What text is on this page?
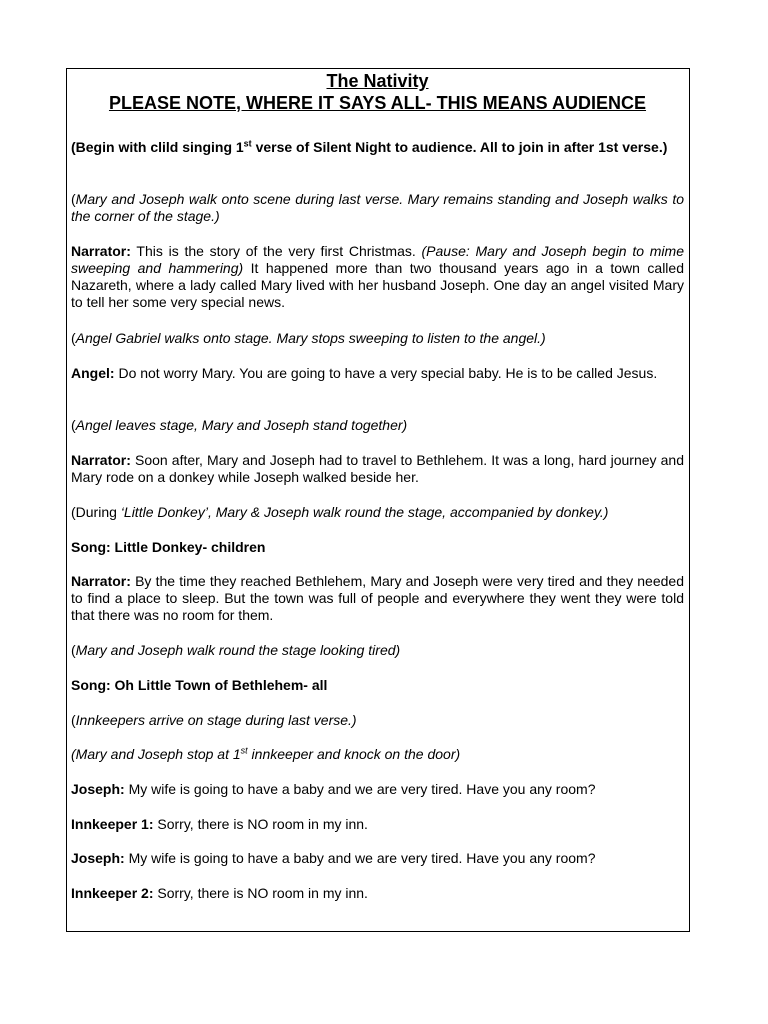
The Nativity

PLEASE NOTE, WHERE IT SAYS ALL- THIS MEANS AUDIENCE

(Begin with clild singing 1st verse of Silent Night to audience. All to join in after 1st verse.)

(Mary and Joseph walk onto scene during last verse. Mary remains standing and Joseph walks to the corner of the stage.)

Narrator: This is the story of the very first Christmas. (Pause: Mary and Joseph begin to mime sweeping and hammering) It happened more than two thousand years ago in a town called Nazareth, where a lady called Mary lived with her husband Joseph. One day an angel visited Mary to tell her some very special news.

(Angel Gabriel walks onto stage. Mary stops sweeping to listen to the angel.)

Angel: Do not worry Mary. You are going to have a very special baby. He is to be called Jesus.

(Angel leaves stage, Mary and Joseph stand together)

Narrator: Soon after, Mary and Joseph had to travel to Bethlehem. It was a long, hard journey and Mary rode on a donkey while Joseph walked beside her.

(During ‘Little Donkey’, Mary & Joseph walk round the stage, accompanied by donkey.)

Song: Little Donkey- children

Narrator: By the time they reached Bethlehem, Mary and Joseph were very tired and they needed to find a place to sleep. But the town was full of people and everywhere they went they were told that there was no room for them.

(Mary and Joseph walk round the stage looking tired)

Song: Oh Little Town of Bethlehem- all

(Innkeepers arrive on stage during last verse.)

(Mary and Joseph stop at 1st innkeeper and knock on the door)

Joseph: My wife is going to have a baby and we are very tired. Have you any room?

Innkeeper 1: Sorry, there is NO room in my inn.

Joseph: My wife is going to have a baby and we are very tired. Have you any room?

Innkeeper 2: Sorry, there is NO room in my inn.
